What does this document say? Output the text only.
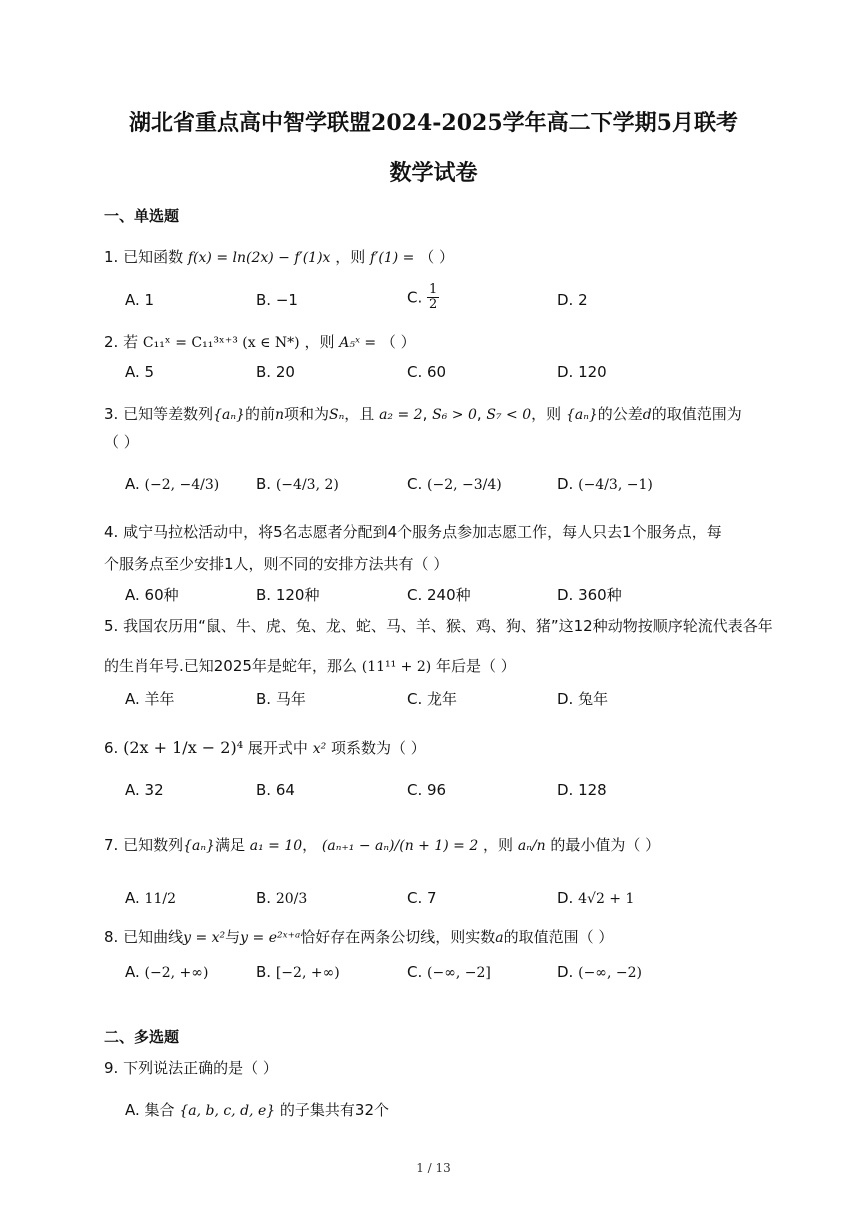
湖北省重点高中智学联盟2024-2025学年高二下学期5月联考
数学试卷
一、单选题
1. 已知函数 f(x) = ln(2x) − f′(1)x ，则 f′(1) = （ ）
A. 1	B. −1	C. $\frac{1}{2}$	D. 2
2. 若 C₁₁ˣ = C₁₁³ˣ⁺³ (x ∈ N*) ，则 A₅ˣ = （ ）
A. 5	B. 20	C. 60	D. 120
3. 已知等差数列{aₙ}的前n项和为Sₙ，且 a₂ = 2, S₆ > 0, S₇ < 0，则 {aₙ}的公差d的取值范围为
（ ）
A. (−2, −4/3) B. (−4/3, 2)	C. (−2, −3/4)	D. (−4/3, −1)
4. 咸宁马拉松活动中，将5名志愿者分配到4个服务点参加志愿工作，每人只去1个服务点，每
个服务点至少安排1人，则不同的安排方法共有（ ）
A. 60种	B. 120种	C. 240种	D. 360种
5. 我国农历用“鼠、牛、虎、兔、龙、蛇、马、羊、猴、鸡、狗、猪”这12种动物按顺序轮流代表各年
的生肖年号.已知2025年是蛇年，那么 (11¹¹ + 2) 年后是（ ）
A. 羊年	B. 马年	C. 龙年	D. 兔年
6. (2x + 1/x − 2)⁴ 展开式中 x² 项系数为（ ）
A. 32	B. 64	C. 96	D. 128
7. 已知数列{aₙ}满足 a₁ = 10， (aₙ₊₁ − aₙ)/(n + 1) = 2 ，则 aₙ/n 的最小值为（ ）
A. 11/2	B. 20/3	C. 7	D. 4√2 + 1
8. 已知曲线y = x²与y = e²ˣ⁺ᵃ恰好存在两条公切线，则实数a的取值范围（ ）
A. (−2, +∞)	B. [−2, +∞)	C. (−∞, −2]	D. (−∞, −2)
二、多选题
9. 下列说法正确的是（ ）
A. 集合 {a, b, c, d, e} 的子集共有32个
1 / 13
